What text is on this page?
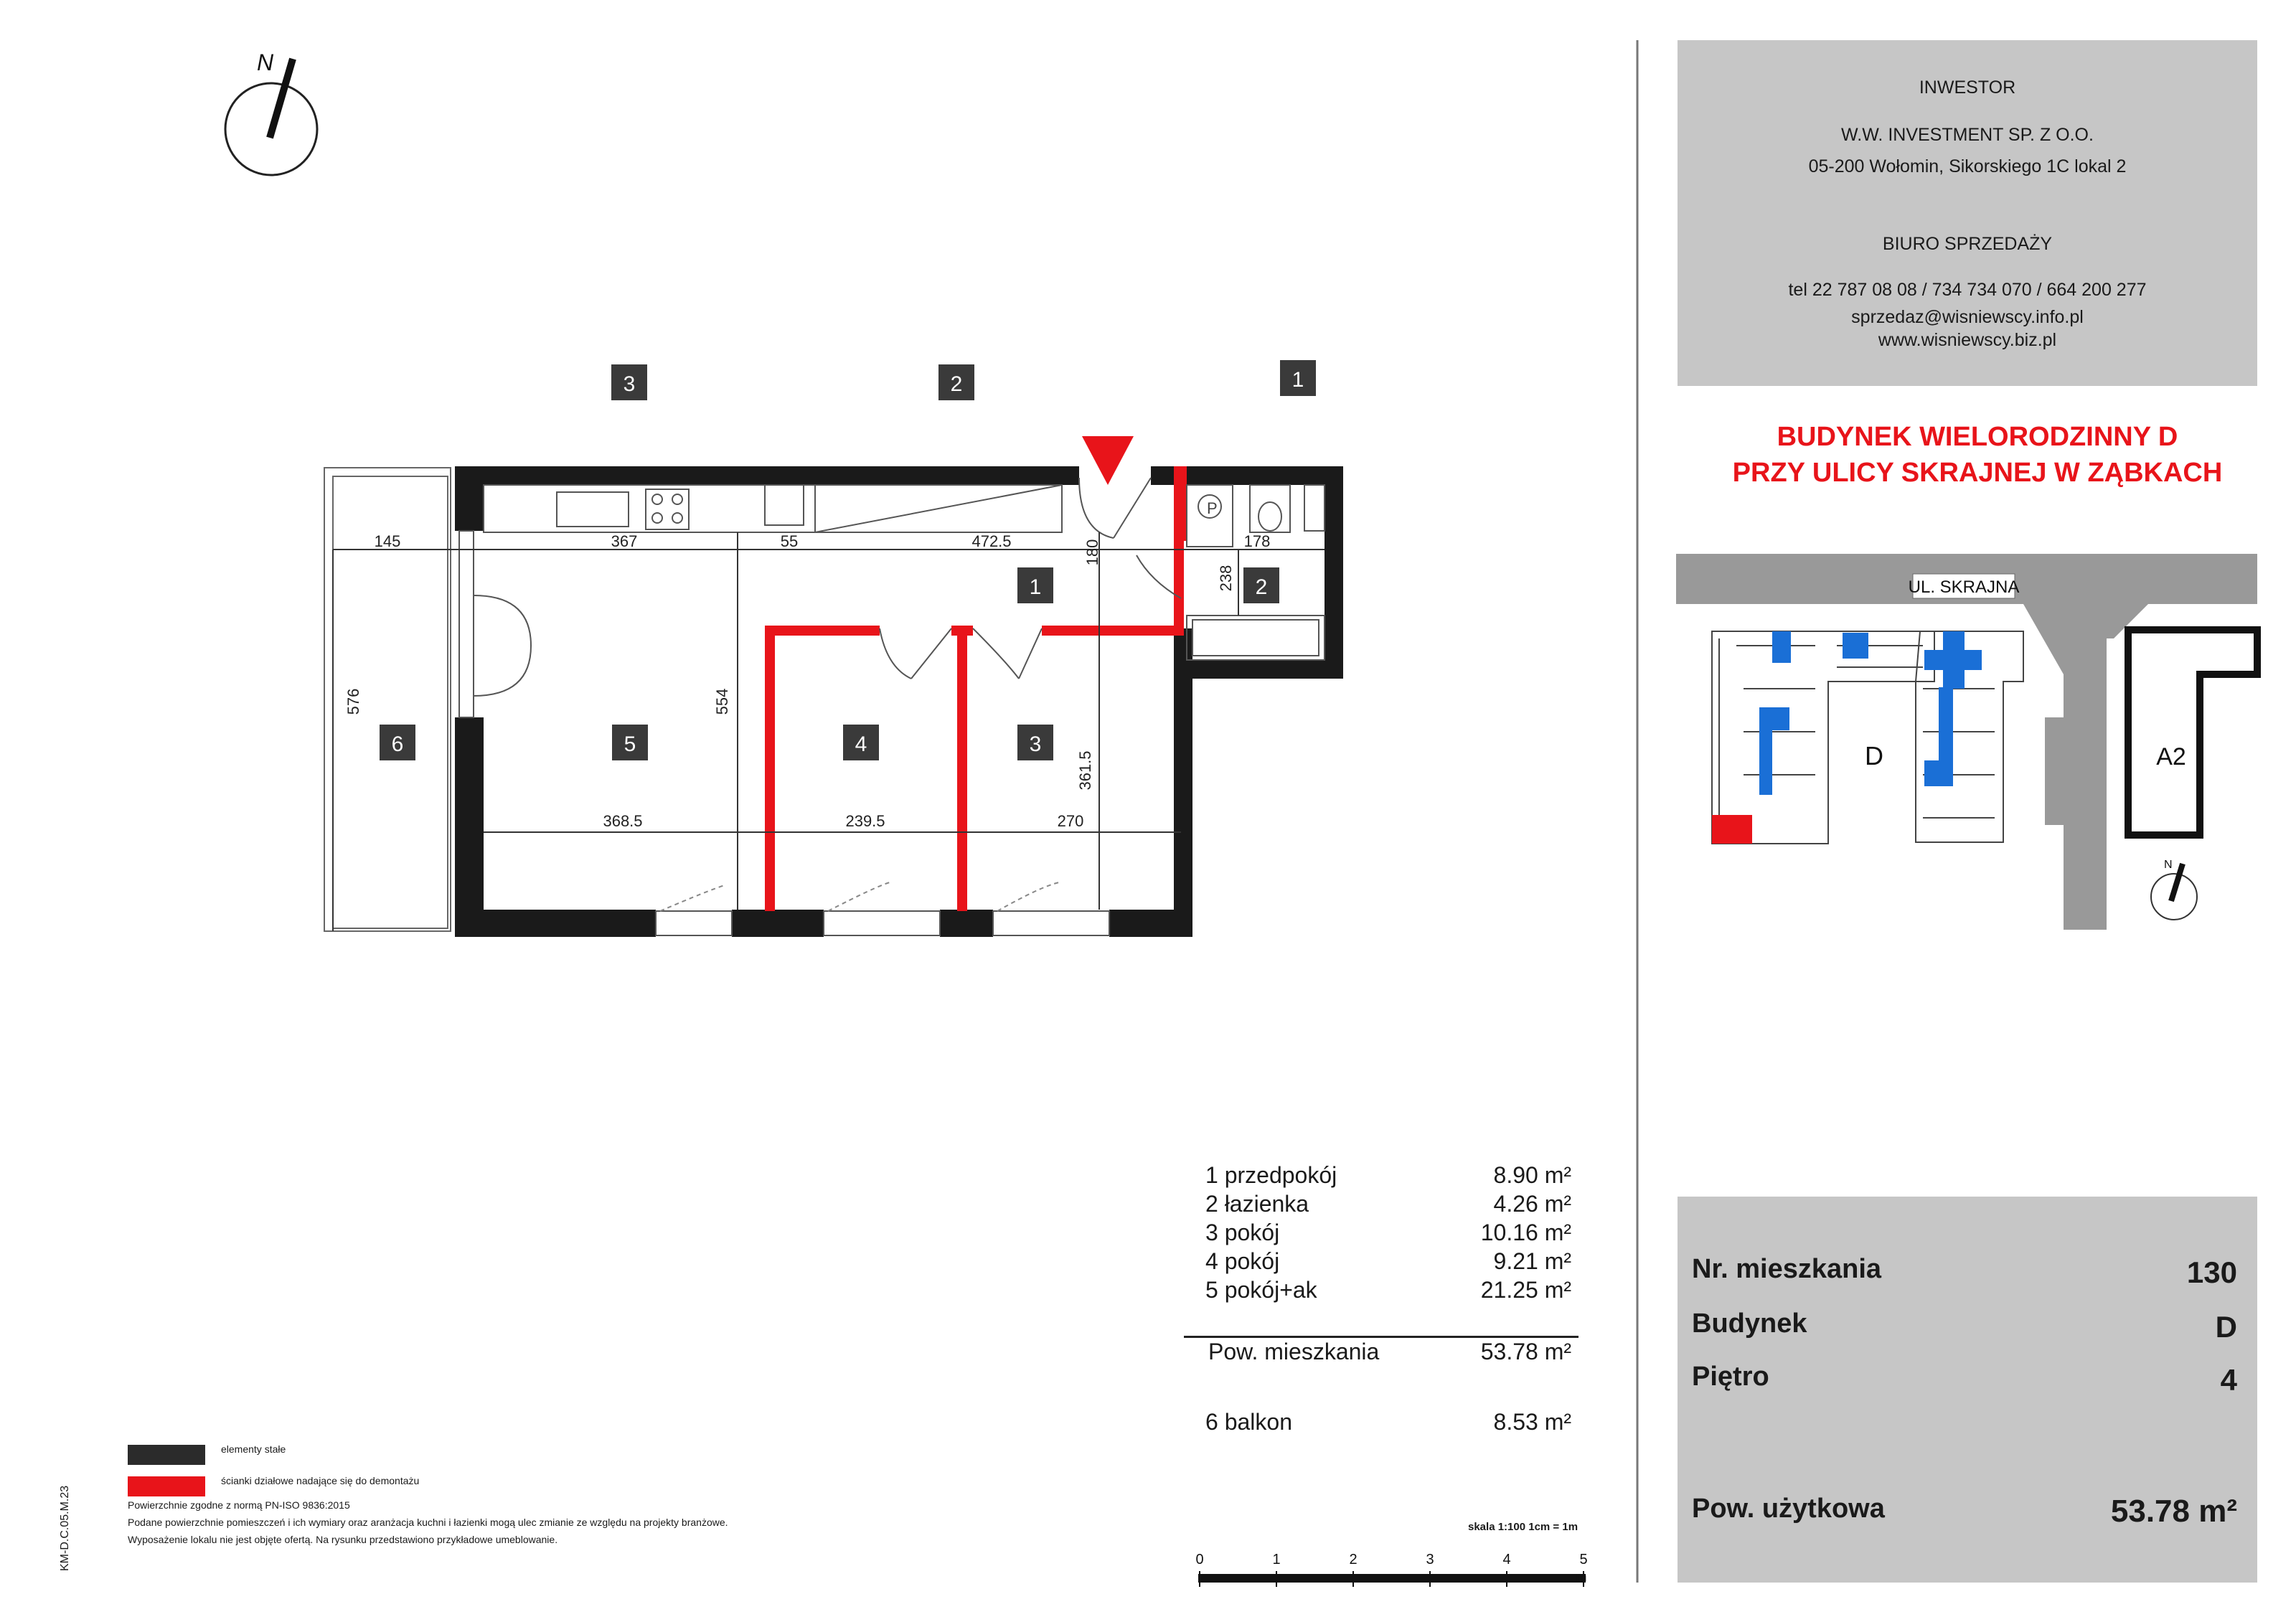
N
3	2	1
P
145	367	55	472.5	180	178
238
576	554
361.5
368.5	239.5	270
1	2
3
4
5
6
UL. SKRAJNA
D	A2
N
0	1	2	3	4	5
m
INWESTOR
W.W. INVESTMENT SP. Z O.O.
05-200 Wołomin, Sikorskiego 1C lokal 2
BIURO SPRZEDAŻY
tel 22 787 08 08 / 734 734 070 / 664 200 277
sprzedaz@wisniewscy.info.pl
www.wisniewscy.biz.pl
BUDYNEK WIELORODZINNY D
PRZY ULICY SKRAJNEJ W ZĄBKACH
1 przedpokój	8.90 m²
2 łazienka	4.26 m²
3 pokój	10.16 m²
4 pokój	9.21 m²
5 pokój+ak	21.25 m²
Pow. mieszkania	53.78 m²
6 balkon	8.53 m²
elementy stałe
ścianki działowe nadające się do demontażu
Powierzchnie zgodne z normą PN-ISO 9836:2015
Podane powierzchnie pomieszczeń i ich wymiary oraz aranżacja kuchni i łazienki mogą ulec zmianie ze względu na projekty branżowe.
Wyposażenie lokalu nie jest objęte ofertą. Na rysunku przedstawiono przykładowe umeblowanie.
KM-D.C.05.M.23	skala 1:100 1cm = 1m
Nr. mieszkania	130
Budynek	D
Piętro	4
Pow. użytkowa	53.78 m²
